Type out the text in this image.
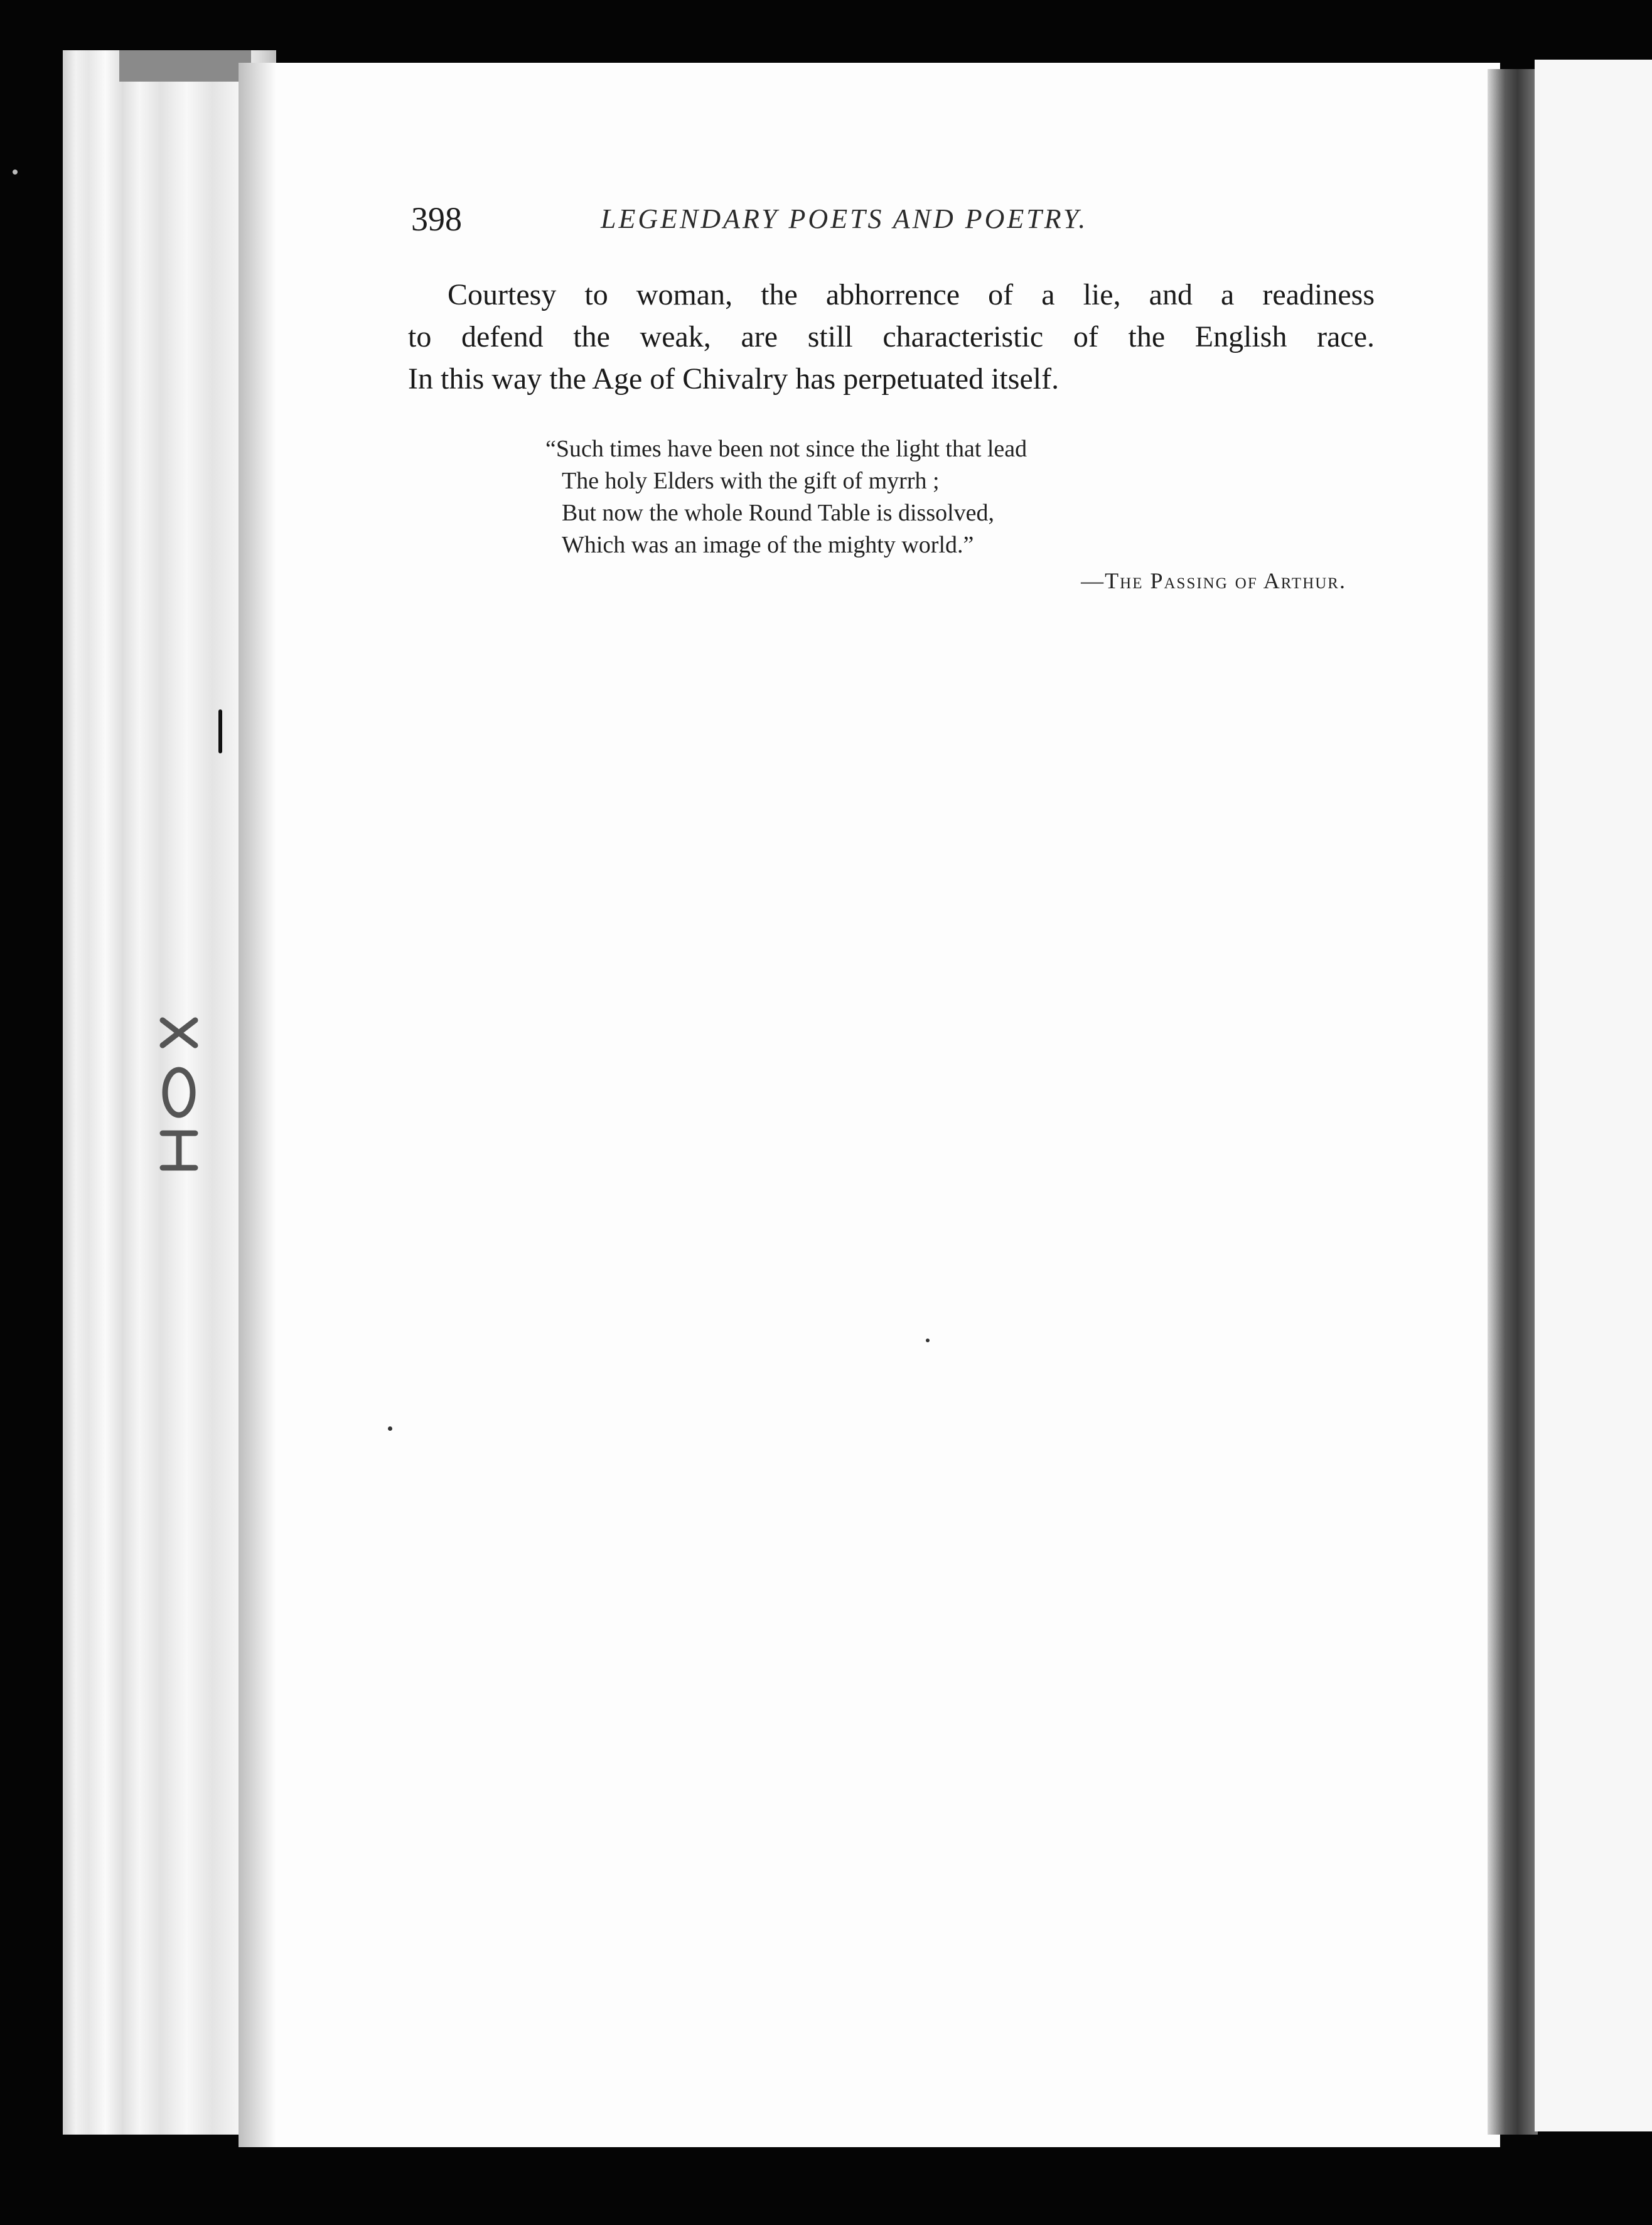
398	LEGENDARY POETS AND POETRY.
Courtesy to woman, the abhorrence of a lie, and a readiness
to defend the weak, are still characteristic of the English race.
In this way the Age of Chivalry has perpetuated itself.
“Such times have been not since the light that lead
The holy Elders with the gift of myrrh ;
But now the whole Round Table is dissolved,
Which was an image of the mighty world.”
—The Passing of Arthur.
